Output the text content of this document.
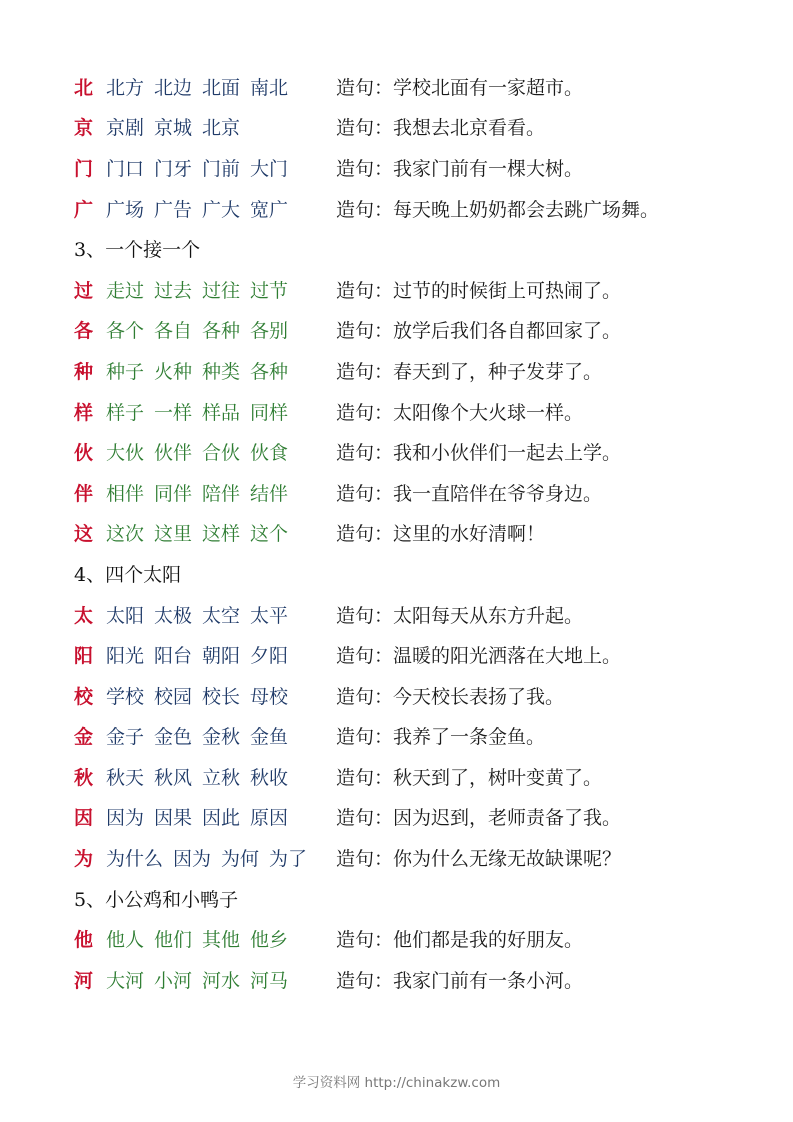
北 北方 北边 北面 南北	造句：学校北面有一家超市。
京 京剧 京城 北京	造句：我想去北京看看。
门 门口 门牙 门前 大门	造句：我家门前有一棵大树。
广 广场 广告 广大 宽广	造句：每天晚上奶奶都会去跳广场舞。
3、一个接一个
过 走过 过去 过往 过节	造句：过节的时候街上可热闹了。
各 各个 各自 各种 各别	造句：放学后我们各自都回家了。
种 种子 火种 种类 各种	造句：春天到了，种子发芽了。
样 样子 一样 样品 同样	造句：太阳像个大火球一样。
伙 大伙 伙伴 合伙 伙食	造句：我和小伙伴们一起去上学。
伴 相伴 同伴 陪伴 结伴	造句：我一直陪伴在爷爷身边。
这 这次 这里 这样 这个	造句：这里的水好清啊！
4、四个太阳
太 太阳 太极 太空 太平	造句：太阳每天从东方升起。
阳 阳光 阳台 朝阳 夕阳	造句：温暖的阳光洒落在大地上。
校 学校 校园 校长 母校	造句：今天校长表扬了我。
金 金子 金色 金秋 金鱼	造句：我养了一条金鱼。
秋 秋天 秋风 立秋 秋收	造句：秋天到了，树叶变黄了。
因 因为 因果 因此 原因	造句：因为迟到，老师责备了我。
为 为什么 因为 为何 为了 造句：你为什么无缘无故缺课呢？
5、小公鸡和小鸭子
他 他人 他们 其他 他乡	造句：他们都是我的好朋友。
河 大河 小河 河水 河马	造句：我家门前有一条小河。
学习资料网 http://chinakzw.com
